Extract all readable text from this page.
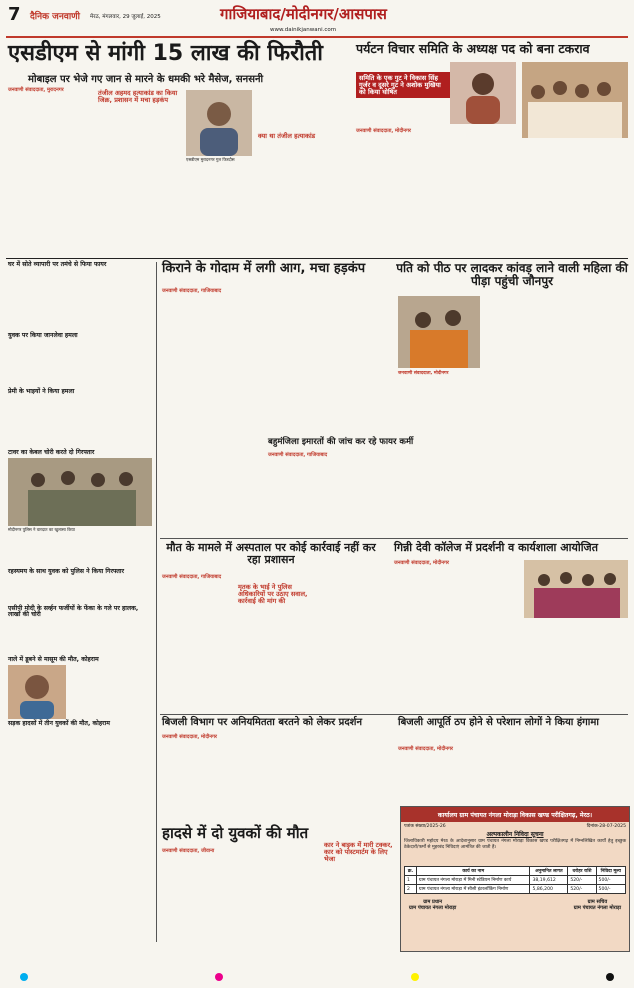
7 दैनिक जनवाणी मेरठ, मंगलवार, 29 जुलाई, 2025	गाजियाबाद/मोदीनगर/आसपास
www.dainikjanwani.com
एसडीएम से मांगी 15 लाख की फिरौती
मोबाइल पर भेजे गए जान से मारने के धमकी भरे मैसेज, सनसनी
जनवाणी संवाददाता, मुरादनगर	तंजील अहमद हत्याकांड का किया जिक्र, प्रशासन में मचा हड़कंप
एसडीएम मुरादनगर गुल फिरदौस
क्या था तंजील हत्याकांड
पर्यटन विचार समिति के अध्यक्ष पद को बना टकराव
समिति के एक गुट ने विकास सिंह गुर्जर व दूसरे गुट ने अशोक मुखिया को किया घोषित
जनवाणी संवाददाता, मोदीनगर
घर में सोते व्यापारी पर तमंचे से फिया फायर
युवक पर किया जानलेवा हमला
प्रेमी के भाइयों ने किया हमला
टावर का केबल चोरी करते दो गिरफ्तार
मोदीनगर पुलिस ने वारदात का खुलासा किया
रहस्यमय के साथ युवक को पुलिस ने किया गिरफ्तार
एसीपी मोदी के सर्व्हन फर्जीयों के फेंका के गले पर हालक, लाखों की चोरी
नाले में डूबने से मासूम की मौत, कोहराम
सड़क हादसों में तीन युवकों की मौत, कोहराम
किराने के गोदाम में लगी आग, मचा हड़कंप
जनवाणी संवाददाता, गाजियाबाद
पति को पीठ पर लादकर कांवड़ लाने वाली महिला की पीड़ा पहुंची जौनपुर
जनवाणी संवाददाता, मोदीनगर
बहुमंजिला इमारतों की जांच कर रहे फायर कर्मी
जनवाणी संवाददाता, गाजियाबाद
मौत के मामले में अस्पताल पर कोई कार्रवाई नहीं कर रहा प्रशासन
जनवाणी संवाददाता, गाजियाबाद
मृतक के भाई ने पुलिस अधिकारियों पर उठाए सवाल, कार्रवाई की मांग की
गिन्नी देवी कॉलेज में प्रदर्शनी व कार्यशाला आयोजित
जनवाणी संवाददाता, मोदीनगर
बिजली विभाग पर अनियमितता बरतने को लेकर प्रदर्शन
जनवाणी संवाददाता, मोदीनगर
बिजली आपूर्ति ठप होने से परेशान लोगों ने किया हंगामा
जनवाणी संवाददाता, मोदीनगर
हादसे में दो युवकों की मौत
जनवाणी संवाददाता, जीवाना
कार ने बाइक में मारी टक्कर, कार को पोस्टमार्टम के लिए भेजा
कार्यालय ग्राम पंचायत नंगला मोराड़ा विकास खण्ड परीक्षितगढ़, मेरठ।
पत्रांक संख्या/2025-26	दिनांक-28-07-2025
अल्पकालीन निविदा सूचना
जिलाधिकारी महोदय मेरठ के आदेशानुसार ग्राम पंचायत नंगला मोराड़ा विकास खण्ड परीक्षितगढ़ में निम्नलिखित कार्यों हेतु इच्छुक ठेकेदारों/फर्मों से मुहरबंद निविदाएं आमंत्रित की जाती हैं।
क्र.	कार्य का नाम	अनुमानित लागत	धरोहर राशि	निविदा मूल्य
1	ग्राम पंचायत नंगला मोराड़ा में मिनी स्टेडियम निर्माण कार्य	38,19,612	520/-	500/-
2	ग्राम पंचायत नंगला मोराड़ा में सीसी इंटरलॉकिंग निर्माण	5,86,200	520/-	500/-
ग्राम प्रधान
ग्राम पंचायत नंगला मोराड़ा
ग्राम सचिव
ग्राम पंचायत नंगला मोराड़ा
